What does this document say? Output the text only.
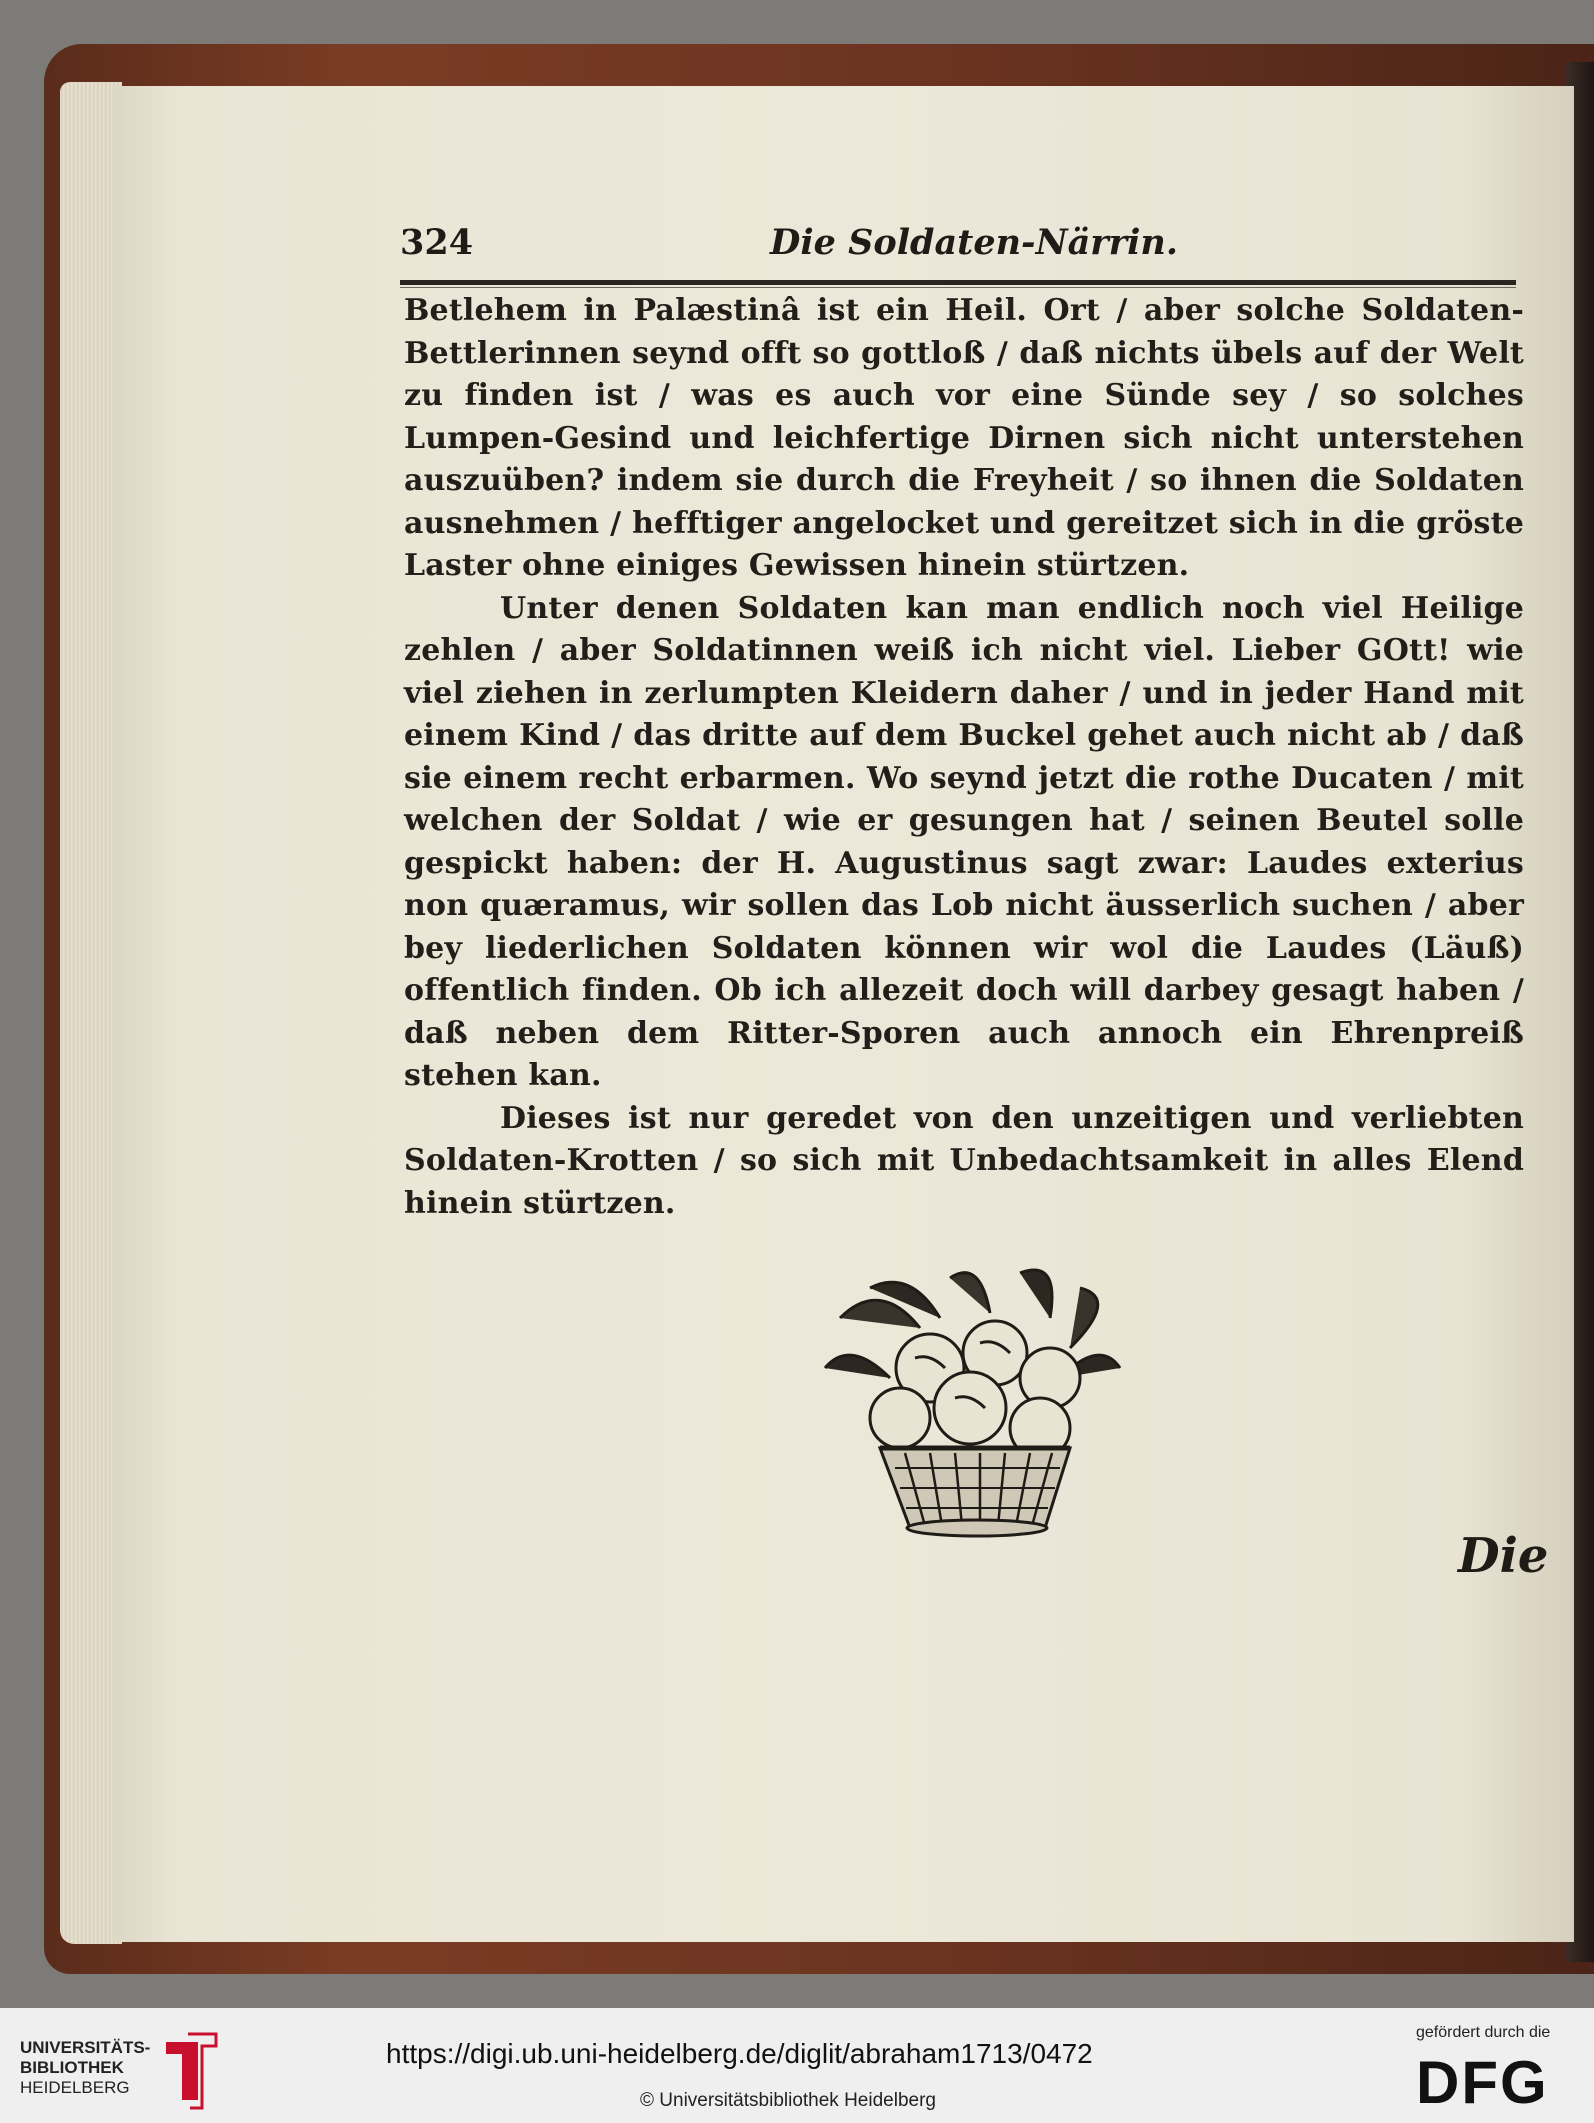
324	Die Soldaten-Närrin.

Betlehem in Palæstinâ ist ein Heil. Ort / aber solche Soldaten-Bettlerinnen seynd offt so gottloß / daß nichts übels auf der Welt zu finden ist / was es auch vor eine Sünde sey / so solches Lumpen-Gesind und leichfertige Dirnen sich nicht unterstehen auszuüben? indem sie durch die Freyheit / so ihnen die Soldaten ausnehmen / hefftiger angelocket und gereitzet sich in die gröste Laster ohne einiges Gewissen hinein stürtzen.

Unter denen Soldaten kan man endlich noch viel Heilige zehlen / aber Soldatinnen weiß ich nicht viel. Lieber GOtt! wie viel ziehen in zerlumpten Kleidern daher / und in jeder Hand mit einem Kind / das dritte auf dem Buckel gehet auch nicht ab / daß sie einem recht erbarmen. Wo seynd jetzt die rothe Ducaten / mit welchen der Soldat / wie er gesungen hat / seinen Beutel solle gespickt haben: der H. Augustinus sagt zwar: Laudes exterius non quæramus, wir sollen das Lob nicht äusserlich suchen / aber bey liederlichen Soldaten können wir wol die Laudes (Läuß) offentlich finden. Ob ich allezeit doch will darbey gesagt haben / daß neben dem Ritter-Sporen auch annoch ein Ehrenpreiß stehen kan.

Dieses ist nur geredet von den unzeitigen und verliebten Soldaten-Krotten / so sich mit Unbedachtsamkeit in alles Elend hinein stürtzen.

Die
UNIVERSITÄTS-
BIBLIOTHEK
HEIDELBERG
https://digi.ub.uni-heidelberg.de/diglit/abraham1713/0472
© Universitätsbibliothek Heidelberg
gefördert durch die
DFG
